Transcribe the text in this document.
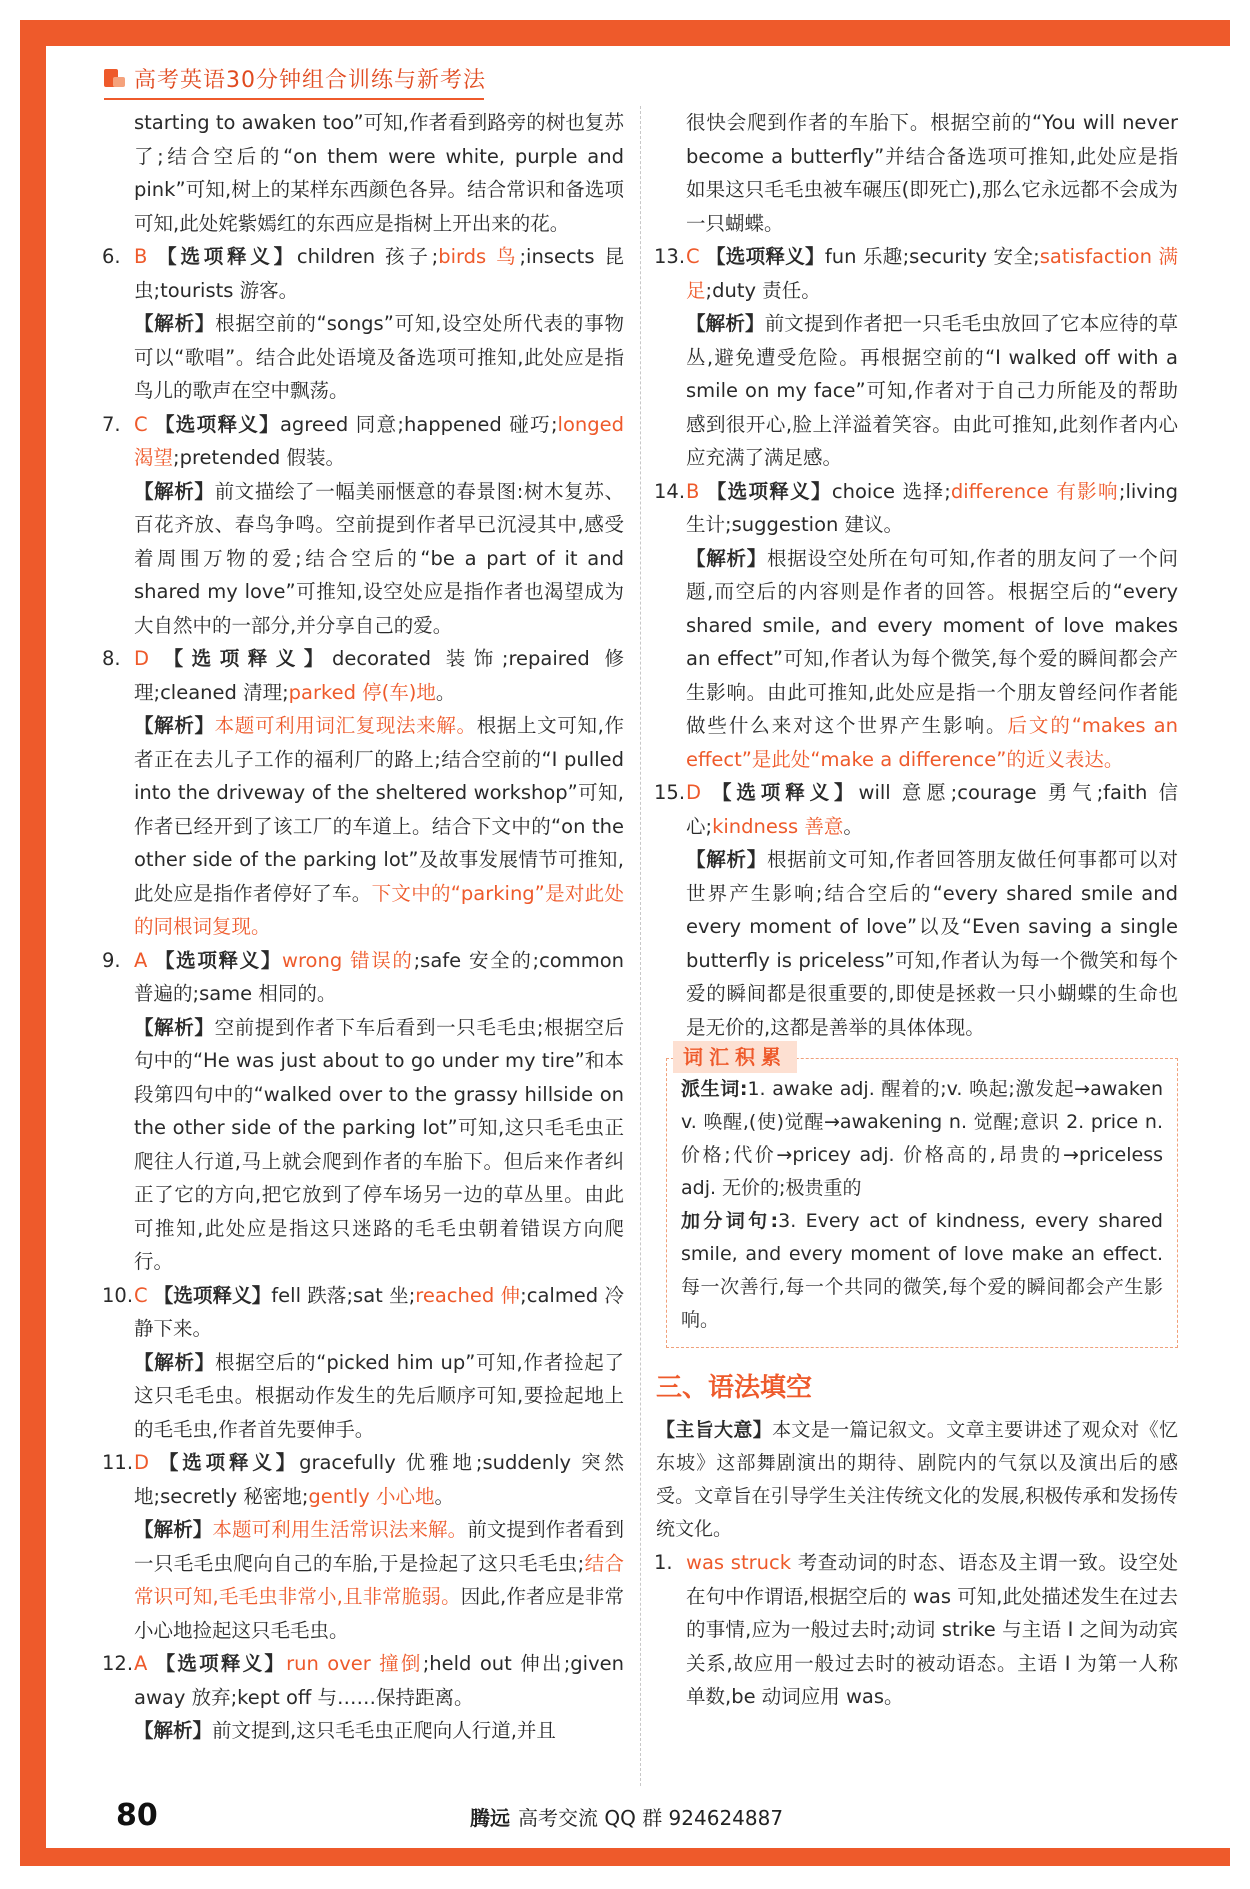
高考英语30分钟组合训练与新考法

starting to awaken too”可知,作者看到路旁的树也复苏了;结合空后的“on them were white, purple and pink”可知,树上的某样东西颜色各异。结合常识和备选项可知,此处姹紫嫣红的东西应是指树上开出来的花。

6. B 【选项释义】children 孩子;birds 鸟;insects 昆虫;tourists 游客。

【解析】根据空前的“songs”可知,设空处所代表的事物可以“歌唱”。结合此处语境及备选项可推知,此处应是指鸟儿的歌声在空中飘荡。

7. C 【选项释义】agreed 同意;happened 碰巧;longed 渴望;pretended 假装。

【解析】前文描绘了一幅美丽惬意的春景图:树木复苏、百花齐放、春鸟争鸣。空前提到作者早已沉浸其中,感受着周围万物的爱;结合空后的“be a part of it and shared my love”可推知,设空处应是指作者也渴望成为大自然中的一部分,并分享自己的爱。

8. D 【选项释义】decorated 装饰;repaired 修理;cleaned 清理;parked 停(车)地。

【解析】本题可利用词汇复现法来解。根据上文可知,作者正在去儿子工作的福利厂的路上;结合空前的“I pulled into the driveway of the sheltered workshop”可知,作者已经开到了该工厂的车道上。结合下文中的“on the other side of the parking lot”及故事发展情节可推知,此处应是指作者停好了车。下文中的“parking”是对此处的同根词复现。

9. A 【选项释义】wrong 错误的;safe 安全的;common 普遍的;same 相同的。

【解析】空前提到作者下车后看到一只毛毛虫;根据空后句中的“He was just about to go under my tire”和本段第四句中的“walked over to the grassy hillside on the other side of the parking lot”可知,这只毛毛虫正爬往人行道,马上就会爬到作者的车胎下。但后来作者纠正了它的方向,把它放到了停车场另一边的草丛里。由此可推知,此处应是指这只迷路的毛毛虫朝着错误方向爬行。

10. C 【选项释义】fell 跌落;sat 坐;reached 伸;calmed 冷静下来。

【解析】根据空后的“picked him up”可知,作者捡起了这只毛毛虫。根据动作发生的先后顺序可知,要捡起地上的毛毛虫,作者首先要伸手。

11. D 【选项释义】gracefully 优雅地;suddenly 突然地;secretly 秘密地;gently 小心地。

【解析】本题可利用生活常识法来解。前文提到作者看到一只毛毛虫爬向自己的车胎,于是捡起了这只毛毛虫;结合常识可知,毛毛虫非常小,且非常脆弱。因此,作者应是非常小心地捡起这只毛毛虫。

12. A 【选项释义】run over 撞倒;held out 伸出;given away 放弃;kept off 与……保持距离。

【解析】前文提到,这只毛毛虫正爬向人行道,并且

很快会爬到作者的车胎下。根据空前的“You will never become a butterfly”并结合备选项可推知,此处应是指如果这只毛毛虫被车碾压(即死亡),那么它永远都不会成为一只蝴蝶。

13. C 【选项释义】fun 乐趣;security 安全;satisfaction 满足;duty 责任。

【解析】前文提到作者把一只毛毛虫放回了它本应待的草丛,避免遭受危险。再根据空前的“I walked off with a smile on my face”可知,作者对于自己力所能及的帮助感到很开心,脸上洋溢着笑容。由此可推知,此刻作者内心应充满了满足感。

14. B 【选项释义】choice 选择;difference 有影响;living 生计;suggestion 建议。

【解析】根据设空处所在句可知,作者的朋友问了一个问题,而空后的内容则是作者的回答。根据空后的“every shared smile, and every moment of love makes an effect”可知,作者认为每个微笑,每个爱的瞬间都会产生影响。由此可推知,此处应是指一个朋友曾经问作者能做些什么来对这个世界产生影响。后文的“makes an effect”是此处“make a difference”的近义表达。

15. D 【选项释义】will 意愿;courage 勇气;faith 信心;kindness 善意。

【解析】根据前文可知,作者回答朋友做任何事都可以对世界产生影响;结合空后的“every shared smile and every moment of love”以及“Even saving a single butterfly is priceless”可知,作者认为每一个微笑和每个爱的瞬间都是很重要的,即使是拯救一只小蝴蝶的生命也是无价的,这都是善举的具体体现。

词汇积累

派生词:1. awake adj. 醒着的;v. 唤起;激发起→awaken v. 唤醒,(使)觉醒→awakening n. 觉醒;意识 2. price n. 价格;代价→pricey adj. 价格高的,昂贵的→priceless adj. 无价的;极贵重的

加分词句:3. Every act of kindness, every shared smile, and every moment of love make an effect. 每一次善行,每一个共同的微笑,每个爱的瞬间都会产生影响。

三、语法填空

【主旨大意】本文是一篇记叙文。文章主要讲述了观众对《忆东坡》这部舞剧演出的期待、剧院内的气氛以及演出后的感受。文章旨在引导学生关注传统文化的发展,积极传承和发扬传统文化。

1. was struck 考查动词的时态、语态及主谓一致。设空处在句中作谓语,根据空后的 was 可知,此处描述发生在过去的事情,应为一般过去时;动词 strike 与主语 I 之间为动宾关系,故应用一般过去时的被动语态。主语 I 为第一人称单数,be 动词应用 was。

80	腾远 高考交流 QQ 群 924624887
